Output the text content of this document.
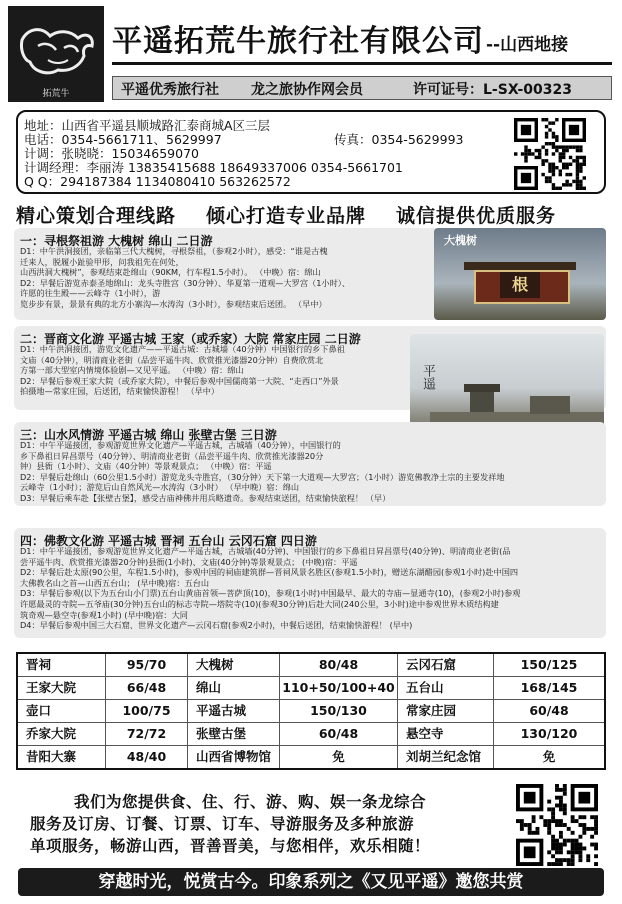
拓荒牛
平遥拓荒牛旅行社有限公司 --山西地接
平遥优秀旅行社 龙之旅协作网会员	许可证号：L-SX-00323
地址：山西省平遥县顺城路汇泰商城A区三层
电话：0354-5661711、5629997	传真：0354-5629993
计调：张晓晓：15034659070
计调经理：李丽涛 13835415688 18649337006 0354-5661701
Q Q：294187384 1134080410 563262572
精心策划合理线路 倾心打造专业品牌 诚信提供优质服务
一：寻根祭祖游 大槐树 绵山 二日游
D1：中午洪洞接团，亲临第三代大槐树，寻根祭祖，（参观2小时），感受：“谁是古槐
迁来人，脱履小趾验甲形，问我祖先在何处，
山西洪洞大槐树”，参观结束赴绵山（90KM，行车程1.5小时）。 （中晚）宿：绵山
D2：早餐后游览赤泰圣地绵山：龙头寺胜宫（30分钟）、华夏第一道观—大罗宫（1小时）、
许愿的往生殿——云峰寺（1小时），游
览步步有景，景景有典的北方小寨沟—水涛沟（3小时），参观结束后送团。 （早中）
大槐树
根
二：晋商文化游 平遥古城 王家（或乔家）大院 常家庄园 二日游
D1：中午洪洞接团，游览文化遗产——平遥古城：古城墙（40分钟）中国银行的乡下鼻祖
文庙（40分钟），明清商业老街（品尝平遥牛肉、欣赏推光漆器20分钟）自费欣赏北
方第一部大型室内情境体验剧—又见平遥。 （中晚）宿：绵山
D2：早餐后参观王家大院（或乔家大院），中餐后参观中国儒商第一大院、“走西口”外景
拍摄地—常家庄园，后送团，结束愉快游程！ （早中）
平遥
三：山水风情游 平遥古城 绵山 张壁古堡 三日游
D1：中午平遥接团，参观游览世界文化遗产—平遥古城，古城墙（40分钟），中国银行的
乡下鼻祖日昇昌票号（40分钟）、明清商业老街（品尝平遥牛肉、欣赏推光漆器20分
钟）县衙（1小时）、文庙（40分钟）等景观景点； （中晚）宿：平遥
D2：早餐后赴绵山（60公里1.5小时）游览龙头寺胜宫，（30分钟）天下第一大道观—大罗宫；（1小时）游览佛教净土宗的主要发祥地
云峰寺（1小时）；游览后山自然风光—水涛沟（3小时） （早中晚）宿：绵山
D3：早餐后乘车赴【张壁古堡】，感受古庙神佛井用兵略遗奇。参观结束送团，结束愉快旅程！ （早）
四：佛教文化游 平遥古城 晋祠 五台山 云冈石窟 四日游
D1：中午平遥接团，参观游览世界文化遗产—平遥古城，古城墙(40分钟)、中国银行的乡下鼻祖日昇昌票号(40分钟)、明清商业老街(品
尝平遥牛肉、欣赏推光漆器20分钟)县衙(1小时)、文庙(40分钟)等景观景点； (中晚)宿：平遥
D2：早餐后赴太原(90公里，车程1.5小时)，参观中国的祠庙建筑群—晋祠风景名胜区(参观1.5小时)，赠送东湖醋园(参观1小时)赴中国四
大佛教名山之首—山西五台山； (早中晚)宿：五台山
D3：早餐后参观(以下为五台山小门票)五台山黄庙首领—菩萨顶(10)，参观(1小时)中国最早、最大的寺庙—显通寺(10)，(参观2小时)参观
许愿最灵的寺院—五爷庙(30分钟)五台山的标志寺院—塔院寺(10)(参观30分钟)后赴大同(240公里，3小时)途中参观世界木质结构建
筑奇观—悬空寺(参观1小时) (早中晚)宿：大同
D4：早餐后参观中国三大石窟、世界文化遗产—云冈石窟(参观2小时)，中餐后送团，结束愉快游程！ (早中)
晋祠	95/70	大槐树	80/48	云冈石窟	150/125
王家大院	66/48	绵山	110+50/100+40 五台山	168/145
壶口	100/75	平遥古城	150/130	常家庄园	60/48
乔家大院	72/72	张壁古堡	60/48	悬空寺	130/120
昔阳大寨	48/40	山西省博物馆	免	刘胡兰纪念馆	免
我们为您提供食、住、行、游、购、娱一条龙综合
服务及订房、订餐、订票、订车、导游服务及多种旅游
单项服务，畅游山西，晋善晋美，与您相伴，欢乐相随！
穿越时光，悦赏古今。印象系列之《又见平遥》邀您共赏
